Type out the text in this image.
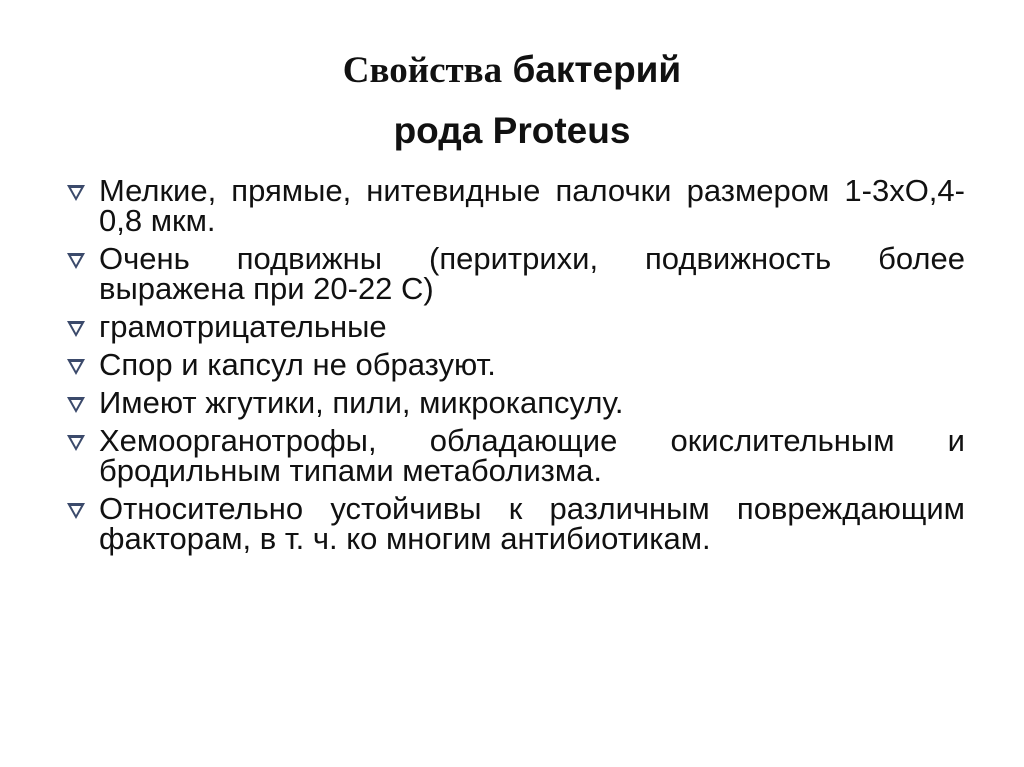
Свойства бактерий
рода Proteus
Мелкие, прямые, нитевидные палочки размером 1-3хО,4-0,8 мкм.
Очень подвижны (перитрихи, подвижность более выражена при 20-22 С)
грамотрицательные
Спор и капсул не образуют.
Имеют жгутики, пили, микрокапсулу.
Хемоорганотрофы, обладающие окислительным и бродильным типами метаболизма.
Относительно устойчивы к различным повреждающим факторам, в т. ч. ко многим антибиотикам.
